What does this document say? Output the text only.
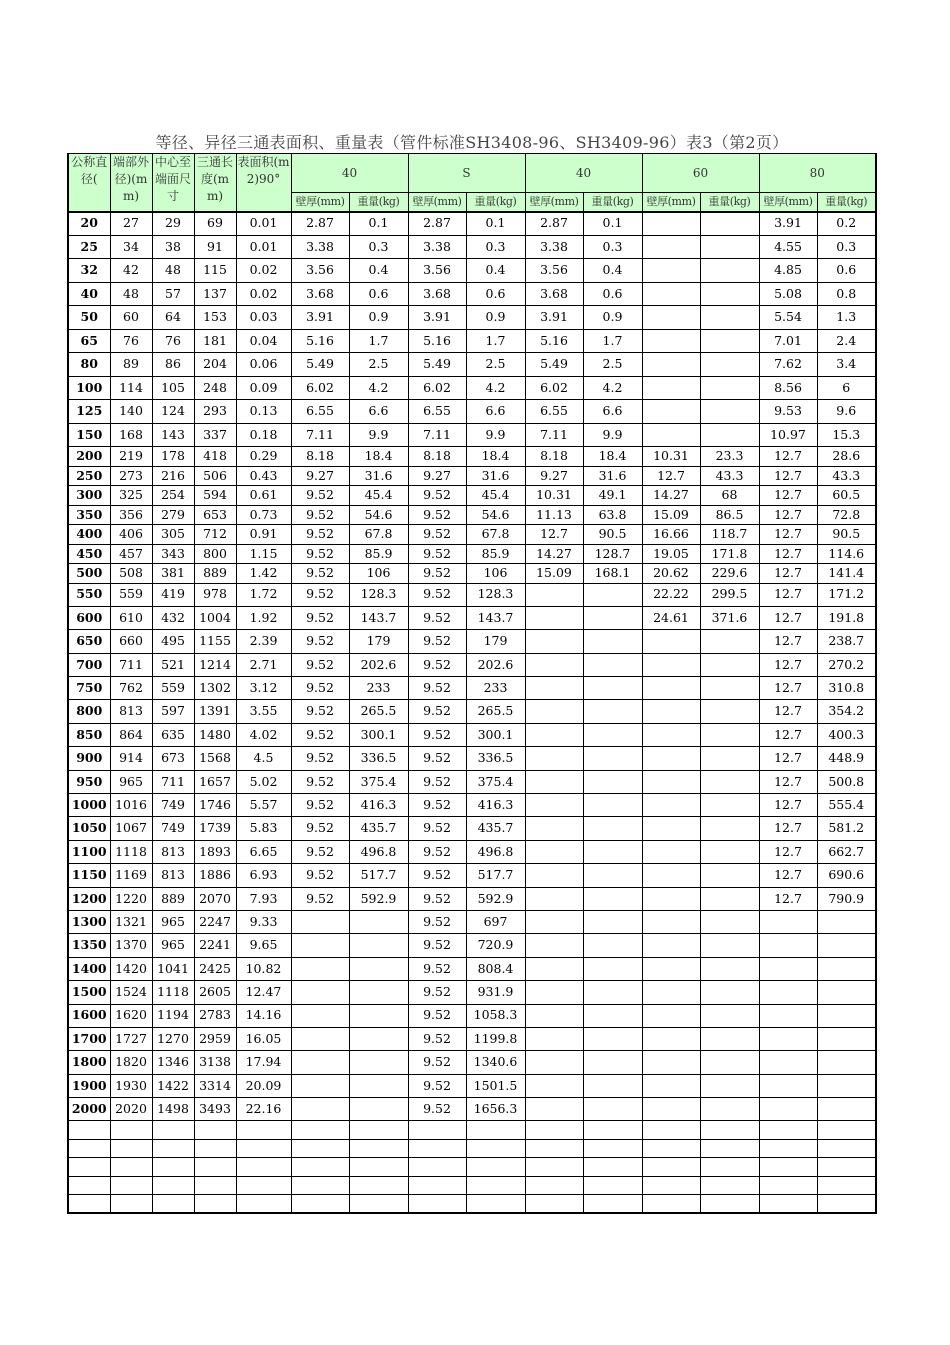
等径、异径三通表面积、重量表（管件标准SH3408-96、SH3409-96）表3（第2页）
公称直径(	端部外径)(mm)	中心至端面尺寸	三通长度(mm)	表面积(m2)90°	40		S		40		60		80	
					壁厚(mm)	重量(kg)	壁厚(mm)	重量(kg)	壁厚(mm)	重量(kg)	壁厚(mm)	重量(kg)	壁厚(mm)	重量(kg)
20	27	29	69	0.01	2.87	0.1	2.87	0.1	2.87	0.1			3.91	0.2
25	34	38	91	0.01	3.38	0.3	3.38	0.3	3.38	0.3			4.55	0.3
32	42	48	115	0.02	3.56	0.4	3.56	0.4	3.56	0.4			4.85	0.6
40	48	57	137	0.02	3.68	0.6	3.68	0.6	3.68	0.6			5.08	0.8
50	60	64	153	0.03	3.91	0.9	3.91	0.9	3.91	0.9			5.54	1.3
65	76	76	181	0.04	5.16	1.7	5.16	1.7	5.16	1.7			7.01	2.4
80	89	86	204	0.06	5.49	2.5	5.49	2.5	5.49	2.5			7.62	3.4
100	114	105	248	0.09	6.02	4.2	6.02	4.2	6.02	4.2			8.56	6
125	140	124	293	0.13	6.55	6.6	6.55	6.6	6.55	6.6			9.53	9.6
150	168	143	337	0.18	7.11	9.9	7.11	9.9	7.11	9.9			10.97	15.3
200	219	178	418	0.29	8.18	18.4	8.18	18.4	8.18	18.4	10.31	23.3	12.7	28.6
250	273	216	506	0.43	9.27	31.6	9.27	31.6	9.27	31.6	12.7	43.3	12.7	43.3
300	325	254	594	0.61	9.52	45.4	9.52	45.4	10.31	49.1	14.27	68	12.7	60.5
350	356	279	653	0.73	9.52	54.6	9.52	54.6	11.13	63.8	15.09	86.5	12.7	72.8
400	406	305	712	0.91	9.52	67.8	9.52	67.8	12.7	90.5	16.66	118.7	12.7	90.5
450	457	343	800	1.15	9.52	85.9	9.52	85.9	14.27	128.7	19.05	171.8	12.7	114.6
500	508	381	889	1.42	9.52	106	9.52	106	15.09	168.1	20.62	229.6	12.7	141.4
550	559	419	978	1.72	9.52	128.3	9.52	128.3			22.22	299.5	12.7	171.2
600	610	432	1004	1.92	9.52	143.7	9.52	143.7			24.61	371.6	12.7	191.8
650	660	495	1155	2.39	9.52	179	9.52	179					12.7	238.7
700	711	521	1214	2.71	9.52	202.6	9.52	202.6					12.7	270.2
750	762	559	1302	3.12	9.52	233	9.52	233					12.7	310.8
800	813	597	1391	3.55	9.52	265.5	9.52	265.5					12.7	354.2
850	864	635	1480	4.02	9.52	300.1	9.52	300.1					12.7	400.3
900	914	673	1568	4.5	9.52	336.5	9.52	336.5					12.7	448.9
950	965	711	1657	5.02	9.52	375.4	9.52	375.4					12.7	500.8
1000	1016	749	1746	5.57	9.52	416.3	9.52	416.3					12.7	555.4
1050	1067	749	1739	5.83	9.52	435.7	9.52	435.7					12.7	581.2
1100	1118	813	1893	6.65	9.52	496.8	9.52	496.8					12.7	662.7
1150	1169	813	1886	6.93	9.52	517.7	9.52	517.7					12.7	690.6
1200	1220	889	2070	7.93	9.52	592.9	9.52	592.9					12.7	790.9
1300	1321	965	2247	9.33			9.52	697						
1350	1370	965	2241	9.65			9.52	720.9						
1400	1420	1041	2425	10.82			9.52	808.4						
1500	1524	1118	2605	12.47			9.52	931.9						
1600	1620	1194	2783	14.16			9.52	1058.3						
1700	1727	1270	2959	16.05			9.52	1199.8						
1800	1820	1346	3138	17.94			9.52	1340.6						
1900	1930	1422	3314	20.09			9.52	1501.5						
2000	2020	1498	3493	22.16			9.52	1656.3						
